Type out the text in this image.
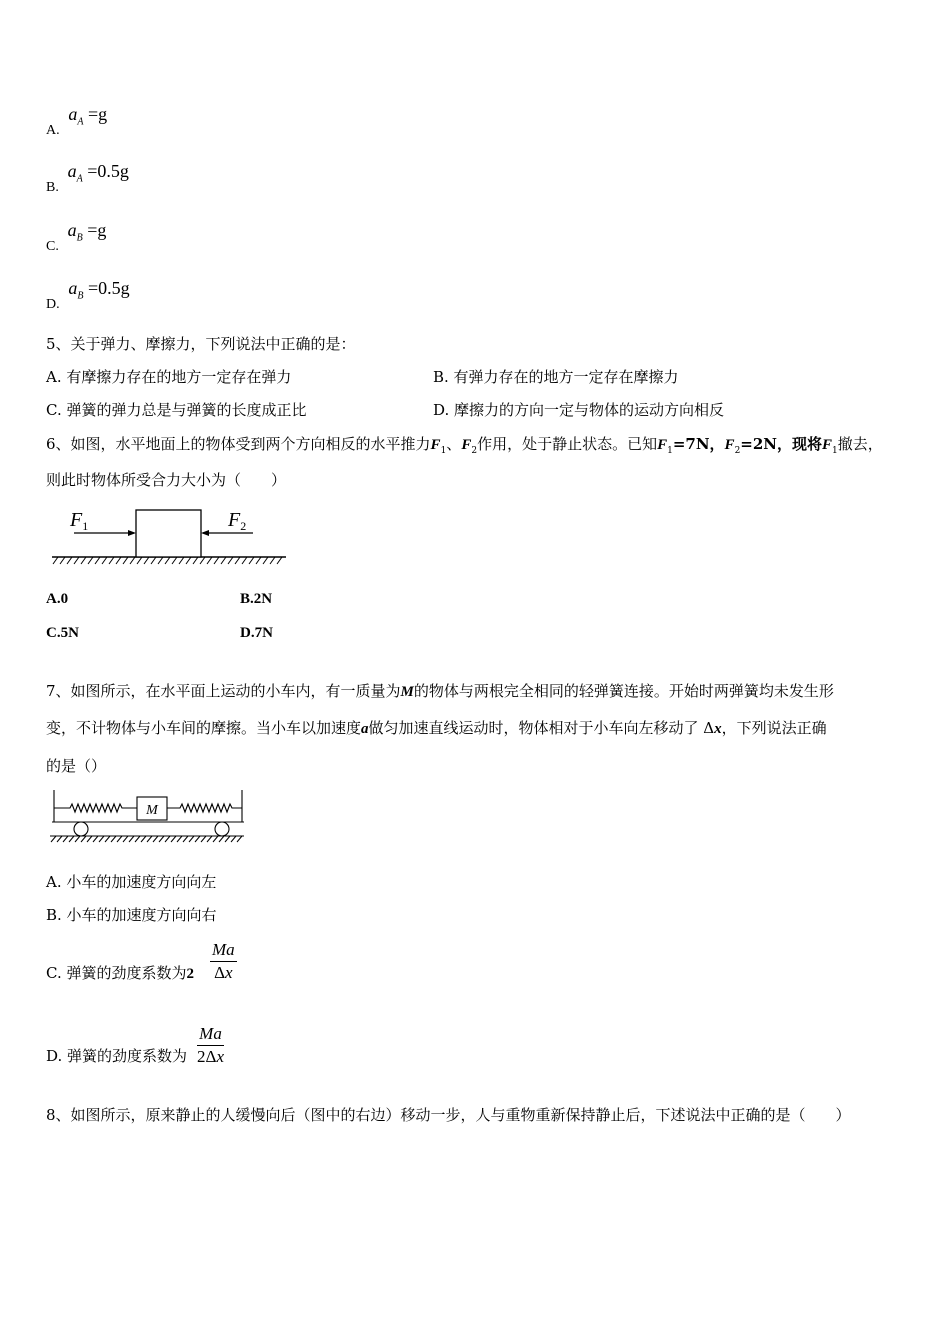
A. $a_A =g$
B. $a_A =0.5g$
C. $a_B =g$
D. $a_B =0.5g$
5、关于弹力、摩擦力，下列说法中正确的是：
A. 有摩擦力存在的地方一定存在弹力	B. 有弹力存在的地方一定存在摩擦力
C. 弹簧的弹力总是与弹簧的长度成正比	D. 摩擦力的方向一定与物体的运动方向相反
6、如图，水平地面上的物体受到两个方向相反的水平推力$F_1$、$F_2$作用，处于静止状态。已知$F_1=7N$，$F_2=2N$，现将$F_1$撤去，
则此时物体所受合力大小为（　　）
$F_1$	$F_2$
A.0	B.2N
C.5N	D.7N
7、如图所示，在水平面上运动的小车内，有一质量为M的物体与两根完全相同的轻弹簧连接。开始时两弹簧均未发生形
变，不计物体与小车间的摩擦。当小车以加速度a做匀加速直线运动时，物体相对于小车向左移动了 Δx，下列说法正确
的是（）
M
A. 小车的加速度方向向左
B. 小车的加速度方向向右
C. 弹簧的劲度系数为$2 \frac{Ma}{\Delta x}$
D. 弹簧的劲度系数为 $\frac{Ma}{2\Delta x}$
8、如图所示，原来静止的人缓慢向后（图中的右边）移动一步，人与重物重新保持静止后，下述说法中正确的是（　　）
